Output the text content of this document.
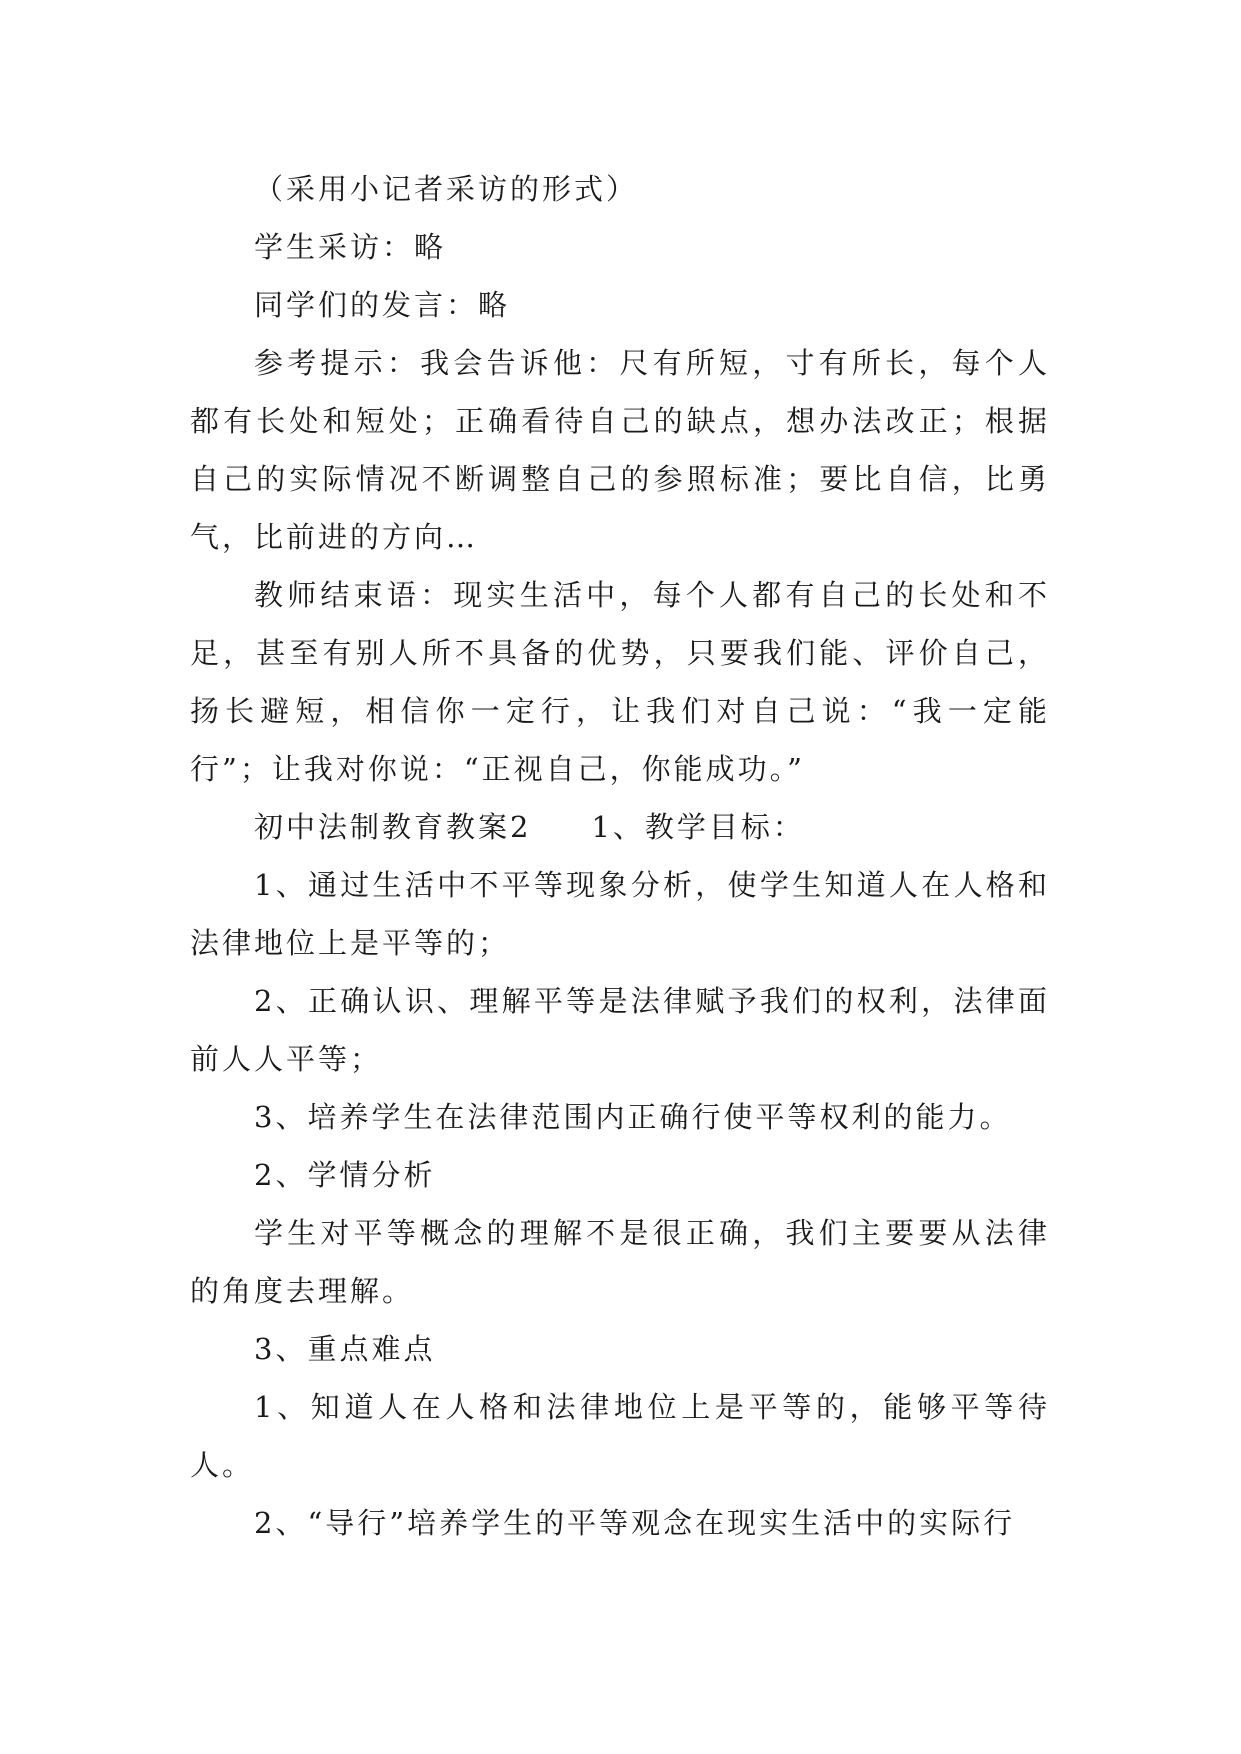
（采用小记者采访的形式）

学生采访：略

同学们的发言：略

参考提示：我会告诉他：尺有所短，寸有所长，每个人都有长处和短处；正确看待自己的缺点，想办法改正；根据自己的实际情况不断调整自己的参照标准；要比自信，比勇气，比前进的方向…

教师结束语：现实生活中，每个人都有自己的长处和不足，甚至有别人所不具备的优势，只要我们能、评价自己，扬长避短，相信你一定行，让我们对自己说：“我一定能行”；让我对你说：“正视自己，你能成功。”

初中法制教育教案2 1、教学目标：

1、通过生活中不平等现象分析，使学生知道人在人格和法律地位上是平等的；

2、正确认识、理解平等是法律赋予我们的权利，法律面前人人平等；

3、培养学生在法律范围内正确行使平等权利的能力。

2、学情分析

学生对平等概念的理解不是很正确，我们主要要从法律的角度去理解。

3、重点难点

1、知道人在人格和法律地位上是平等的，能够平等待人。

2、“导行”培养学生的平等观念在现实生活中的实际行
